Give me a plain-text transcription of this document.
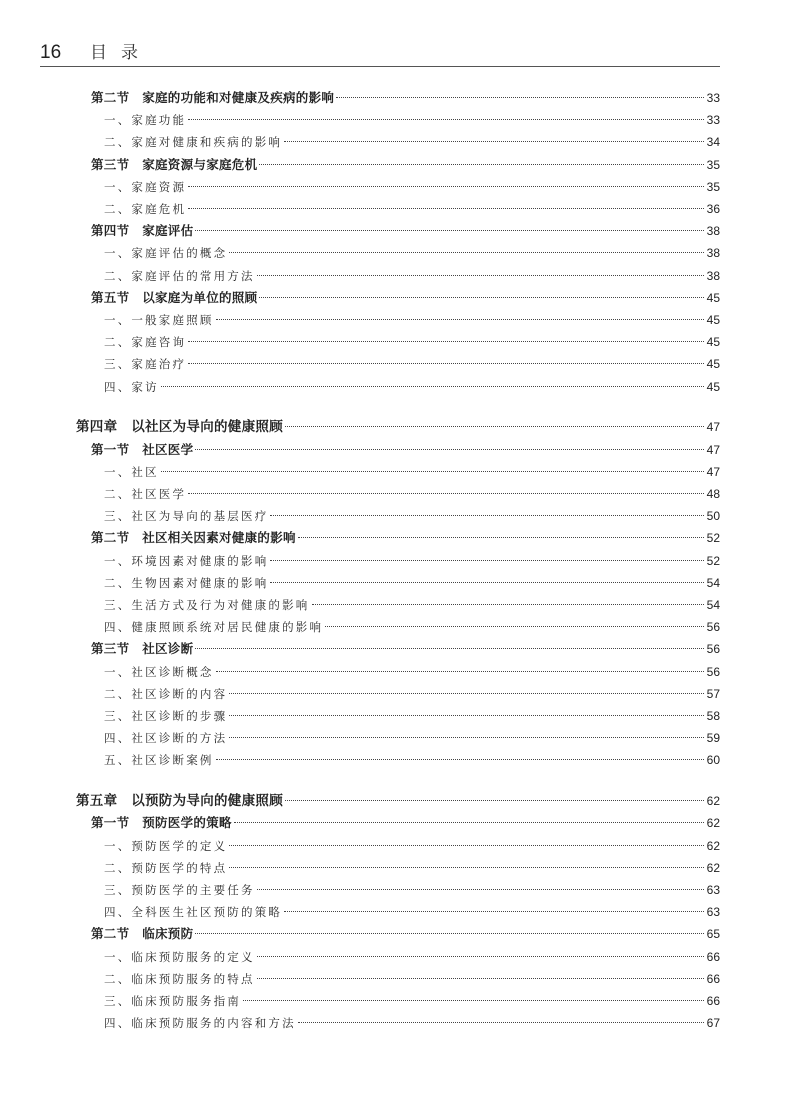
16 目录
第二节　家庭的功能和对健康及疾病的影响	33
一、家庭功能	33
二、家庭对健康和疾病的影响	34
第三节　家庭资源与家庭危机	35
一、家庭资源	35
二、家庭危机	36
第四节　家庭评估	38
一、家庭评估的概念	38
二、家庭评估的常用方法	38
第五节　以家庭为单位的照顾	45
一、一般家庭照顾	45
二、家庭咨询	45
三、家庭治疗	45
四、家访	45
第四章　以社区为导向的健康照顾	47
第一节　社区医学	47
一、社区	47
二、社区医学	48
三、社区为导向的基层医疗	50
第二节　社区相关因素对健康的影响	52
一、环境因素对健康的影响	52
二、生物因素对健康的影响	54
三、生活方式及行为对健康的影响	54
四、健康照顾系统对居民健康的影响	56
第三节　社区诊断	56
一、社区诊断概念	56
二、社区诊断的内容	57
三、社区诊断的步骤	58
四、社区诊断的方法	59
五、社区诊断案例	60
第五章　以预防为导向的健康照顾	62
第一节　预防医学的策略	62
一、预防医学的定义	62
二、预防医学的特点	62
三、预防医学的主要任务	63
四、全科医生社区预防的策略	63
第二节　临床预防	65
一、临床预防服务的定义	66
二、临床预防服务的特点	66
三、临床预防服务指南	66
四、临床预防服务的内容和方法	67
